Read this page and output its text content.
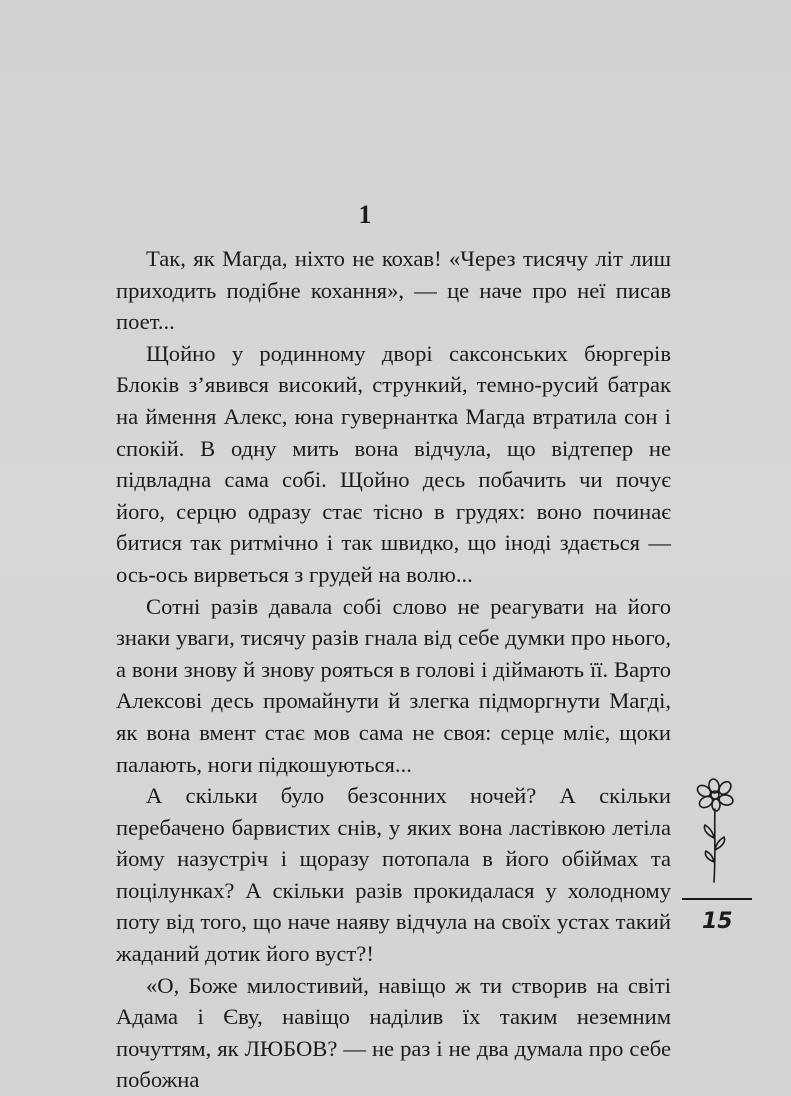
1

Так, як Магда, ніхто не кохав! «Через тисячу літ лиш приходить подібне кохання», — це наче про неї писав поет...

Щойно у родинному дворі саксонських бюргерів Блоків з’явився високий, стрункий, темно-русий батрак на ймення Алекс, юна гувернантка Магда втратила сон і спокій. В одну мить вона відчула, що відтепер не підвладна сама собі. Щойно десь побачить чи почує його, серцю одразу стає тісно в грудях: воно починає битися так ритмічно і так швидко, що іноді здається — ось-ось вирветься з грудей на волю...

Сотні разів давала собі слово не реагувати на його знаки уваги, тисячу разів гнала від себе думки про нього, а вони знову й знову рояться в голові і діймають її. Варто Алексові десь промайнути й злегка підморгнути Магді, як вона вмент стає мов сама не своя: серце мліє, щоки палають, ноги підкошуються...

А скільки було безсонних ночей? А скільки перебачено барвистих снів, у яких вона ластівкою летіла йому назустріч і щоразу потопала в його обіймах та поцілунках? А скільки разів прокидалася у холодному поту від того, що наче наяву відчула на своїх устах такий жаданий дотик його вуст?!

«О, Боже милостивий, навіщо ж ти створив на світі Адама і Єву, навіщо наділив їх таким неземним почуттям, як ЛЮБОВ? — не раз і не два думала про себе побожна

15
